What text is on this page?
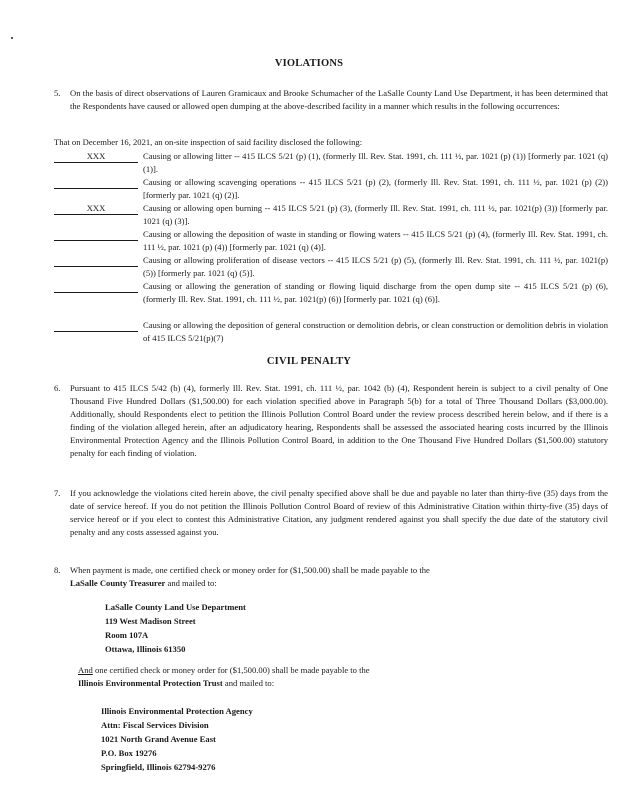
VIOLATIONS
5. On the basis of direct observations of Lauren Gramicaux and Brooke Schumacher of the LaSalle County Land Use Department, it has been determined that the Respondents have caused or allowed open dumping at the above-described facility in a manner which results in the following occurrences:
That on December 16, 2021, an on-site inspection of said facility disclosed the following:
XXX	Causing or allowing litter -- 415 ILCS 5/21 (p) (1), (formerly Ill. Rev. Stat. 1991, ch. 111 ½, par. 1021 (p) (1)) [formerly par. 1021 (q) (1)].
Causing or allowing scavenging operations -- 415 ILCS 5/21 (p) (2), (formerly Ill. Rev. Stat. 1991, ch. 111 ½, par. 1021 (p) (2)) [formerly par. 1021 (q) (2)].
XXX	Causing or allowing open burning -- 415 ILCS 5/21 (p) (3), (formerly Ill. Rev. Stat. 1991, ch. 111 ½, par. 1021(p) (3)) [formerly par. 1021 (q) (3)].
Causing or allowing the deposition of waste in standing or flowing waters -- 415 ILCS 5/21 (p) (4), (formerly Ill. Rev. Stat. 1991, ch. 111 ½, par. 1021 (p) (4)) [formerly par. 1021 (q) (4)].
Causing or allowing proliferation of disease vectors -- 415 ILCS 5/21 (p) (5), (formerly Ill. Rev. Stat. 1991, ch. 111 ½, par. 1021(p) (5)) [formerly par. 1021 (q) (5)].
Causing or allowing the generation of standing or flowing liquid discharge from the open dump site -- 415 ILCS 5/21 (p) (6), (formerly Ill. Rev. Stat. 1991, ch. 111 ½, par. 1021(p) (6)) [formerly par. 1021 (q) (6)].
Causing or allowing the deposition of general construction or demolition debris, or clean construction or demolition debris in violation of 415 ILCS 5/21(p)(7)
CIVIL PENALTY
6. Pursuant to 415 ILCS 5/42 (b) (4), formerly Ill. Rev. Stat. 1991, ch. 111 ½, par. 1042 (b) (4), Respondent herein is subject to a civil penalty of One Thousand Five Hundred Dollars ($1,500.00) for each violation specified above in Paragraph 5(b) for a total of Three Thousand Dollars ($3,000.00). Additionally, should Respondents elect to petition the Illinois Pollution Control Board under the review process described herein below, and if there is a finding of the violation alleged herein, after an adjudicatory hearing, Respondents shall be assessed the associated hearing costs incurred by the Illinois Environmental Protection Agency and the Illinois Pollution Control Board, in addition to the One Thousand Five Hundred Dollars ($1,500.00) statutory penalty for each finding of violation.
7. If you acknowledge the violations cited herein above, the civil penalty specified above shall be due and payable no later than thirty-five (35) days from the date of service hereof. If you do not petition the Illinois Pollution Control Board of review of this Administrative Citation within thirty-five (35) days of service hereof or if you elect to contest this Administrative Citation, any judgment rendered against you shall specify the due date of the statutory civil penalty and any costs assessed against you.
8. When payment is made, one certified check or money order for ($1,500.00) shall be made payable to the
LaSalle County Treasurer and mailed to:
LaSalle County Land Use Department
119 West Madison Street
Room 107A
Ottawa, Illinois 61350
And one certified check or money order for ($1,500.00) shall be made payable to the
Illinois Environmental Protection Trust and mailed to:
Illinois Environmental Protection Agency
Attn: Fiscal Services Division
1021 North Grand Avenue East
P.O. Box 19276
Springfield, Illinois 62794-9276
